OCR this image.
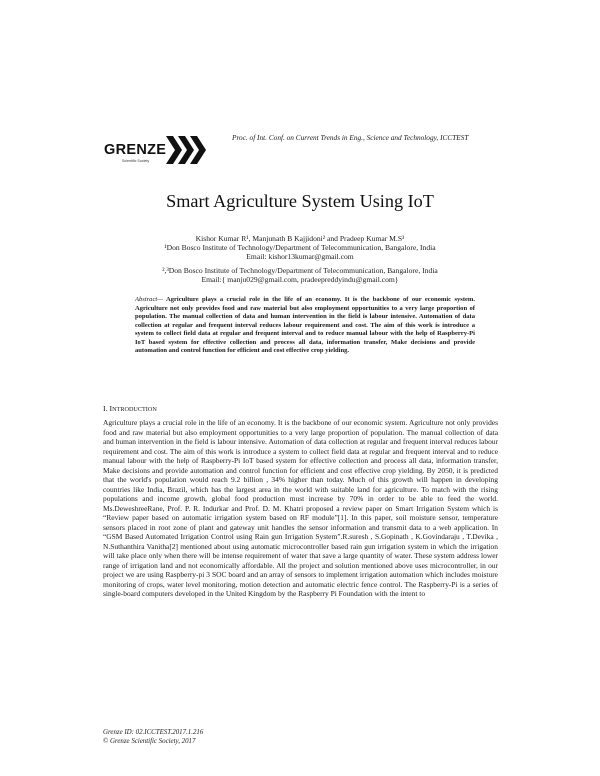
GRENZE
Scientific Society
Proc. of Int. Conf. on Current Trends in Eng., Science and Technology, ICCTEST
Smart Agriculture System Using IoT

Kishor Kumar R¹, Manjunath B Kajjidoni² and Pradeep Kumar M.S³

¹Don Bosco Institute of Technology/Department of Telecommunication, Bangalore, India

Email: kishor13kumar@gmail.com

²,³Don Bosco Institute of Technology/Department of Telecommunication, Bangalore, India

Email:{ manju029@gmail.com, pradeepreddyindu@gmail.com}

Abstract— Agriculture plays a crucial role in the life of an economy. It is the backbone of our economic system. Agriculture not only provides food and raw material but also employment opportunities to a very large proportion of population. The manual collection of data and human intervention in the field is labour intensive. Automation of data collection at regular and frequent interval reduces labour requirement and cost. The aim of this work is introduce a system to collect field data at regular and frequent interval and to reduce manual labour with the help of Raspberry-Pi IoT based system for effective collection and process all data, information transfer, Make decisions and provide automation and control function for efficient and cost effective crop yielding.
I. INTRODUCTION
Agriculture plays a crucial role in the life of an economy. It is the backbone of our economic system. Agriculture not only provides food and raw material but also employment opportunities to a very large proportion of population. The manual collection of data and human intervention in the field is labour intensive. Automation of data collection at regular and frequent interval reduces labour requirement and cost. The aim of this work is introduce a system to collect field data at regular and frequent interval and to reduce manual labour with the help of Raspberry-Pi IoT based system for effective collection and process all data, information transfer, Make decisions and provide automation and control function for efficient and cost effective crop yielding. By 2050, it is predicted that the world's population would reach 9.2 billion , 34% higher than today. Much of this growth will happen in developing countries like India, Brazil, which has the largest area in the world with suitable land for agriculture. To match with the rising populations and income growth, global food production must increase by 70% in order to be able to feed the world. Ms.DeweshreeRane, Prof. P. R. Indurkar and Prof. D. M. Khatri proposed a review paper on Smart Irrigation System which is “Review paper based on automatic irrigation system based on RF module”[1]. In this paper, soil moisture sensor, temperature sensors placed in root zone of plant and gateway unit handles the sensor information and transmit data to a web application. In “GSM Based Automated Irrigation Control using Rain gun Irrigation System”.R.suresh , S.Gopinath , K.Govindaraju , T.Devika , N.Suthanthira Vanitha[2] mentioned about using automatic microcontroller based rain gun irrigation system in which the irrigation will take place only when there will be intense requirement of water that save a large quantity of water. These system address lower range of irrigation land and not economically affordable. All the project and solution mentioned above uses microcontroller, in our project we are using Raspberry-pi 3 SOC board and an array of sensors to implement irrigation automation which includes moisture monitoring of crops, water level monitoring, motion detection and automatic electric fence control. The Raspberry-Pi is a series of single-board computers developed in the United Kingdom by the Raspberry Pi Foundation with the intent to

Grenze ID: 02.ICCTEST.2017.1.216

© Grenze Scientific Society, 2017
